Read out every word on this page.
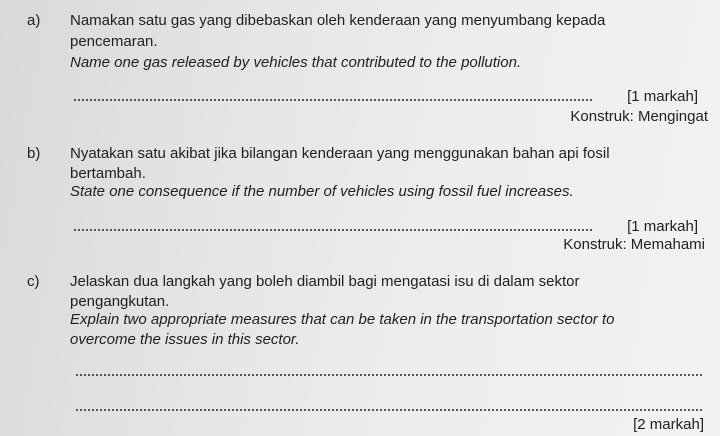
a) Namakan satu gas yang dibebaskan oleh kenderaan yang menyumbang kepada
pencemaran.
Name one gas released by vehicles that contributed to the pollution.
[1 markah]
Konstruk: Mengingat
b) Nyatakan satu akibat jika bilangan kenderaan yang menggunakan bahan api fosil
bertambah.
State one consequence if the number of vehicles using fossil fuel increases.
[1 markah]
Konstruk: Memahami
c) Jelaskan dua langkah yang boleh diambil bagi mengatasi isu di dalam sektor
pengangkutan.
Explain two appropriate measures that can be taken in the transportation sector to
overcome the issues in this sector.
[2 markah]
